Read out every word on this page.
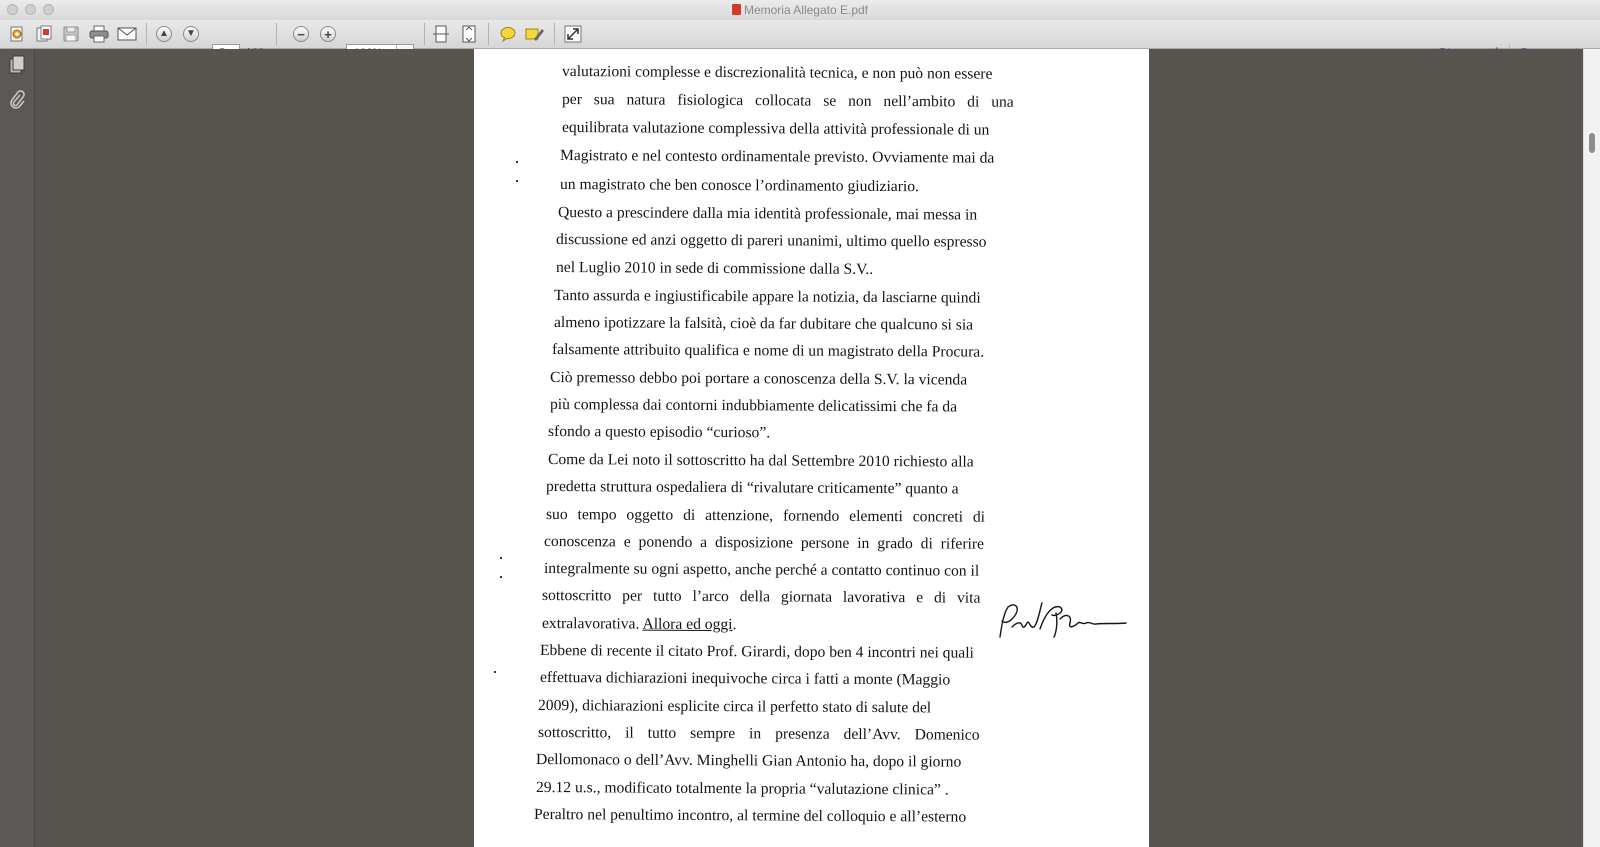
Memoria Allegato E.pdf
▲	▼	−	+
valutazioni complesse e discrezionalità tecnica, e non può non essere
per sua natura fisiologica collocata se non nell’ambito di una
equilibrata valutazione complessiva della attività professionale di un
Magistrato e nel contesto ordinamentale previsto. Ovviamente mai da
un magistrato che ben conosce l’ordinamento giudiziario.
Questo a prescindere dalla mia identità professionale, mai messa in
discussione ed anzi oggetto di pareri unanimi, ultimo quello espresso
nel Luglio 2010 in sede di commissione dalla S.V..
Tanto assurda e ingiustificabile appare la notizia, da lasciarne quindi
almeno ipotizzare la falsità, cioè da far dubitare che qualcuno si sia
falsamente attribuito qualifica e nome di un magistrato della Procura.
Ciò premesso debbo poi portare a conoscenza della S.V. la vicenda
più complessa dai contorni indubbiamente delicatissimi che fa da
sfondo a questo episodio “curioso”.
Come da Lei noto il sottoscritto ha dal Settembre 2010 richiesto alla
predetta struttura ospedaliera di “rivalutare criticamente” quanto a
suo tempo oggetto di attenzione, fornendo elementi concreti di
conoscenza e ponendo a disposizione persone in grado di riferire
integralmente su ogni aspetto, anche perché a contatto continuo con il
sottoscritto per tutto l’arco della giornata lavorativa e di vita
extralavorativa. Allora ed oggi.
Ebbene di recente il citato Prof. Girardi, dopo ben 4 incontri nei quali
effettuava dichiarazioni inequivoche circa i fatti a monte (Maggio
2009), dichiarazioni esplicite circa il perfetto stato di salute del
sottoscritto, il tutto sempre in presenza dell’Avv. Domenico
Dellomonaco o dell’Avv. Minghelli Gian Antonio ha, dopo il giorno
29.12 u.s., modificato totalmente la propria “valutazione clinica” .
Peraltro nel penultimo incontro, al termine del colloquio e all’esterno
